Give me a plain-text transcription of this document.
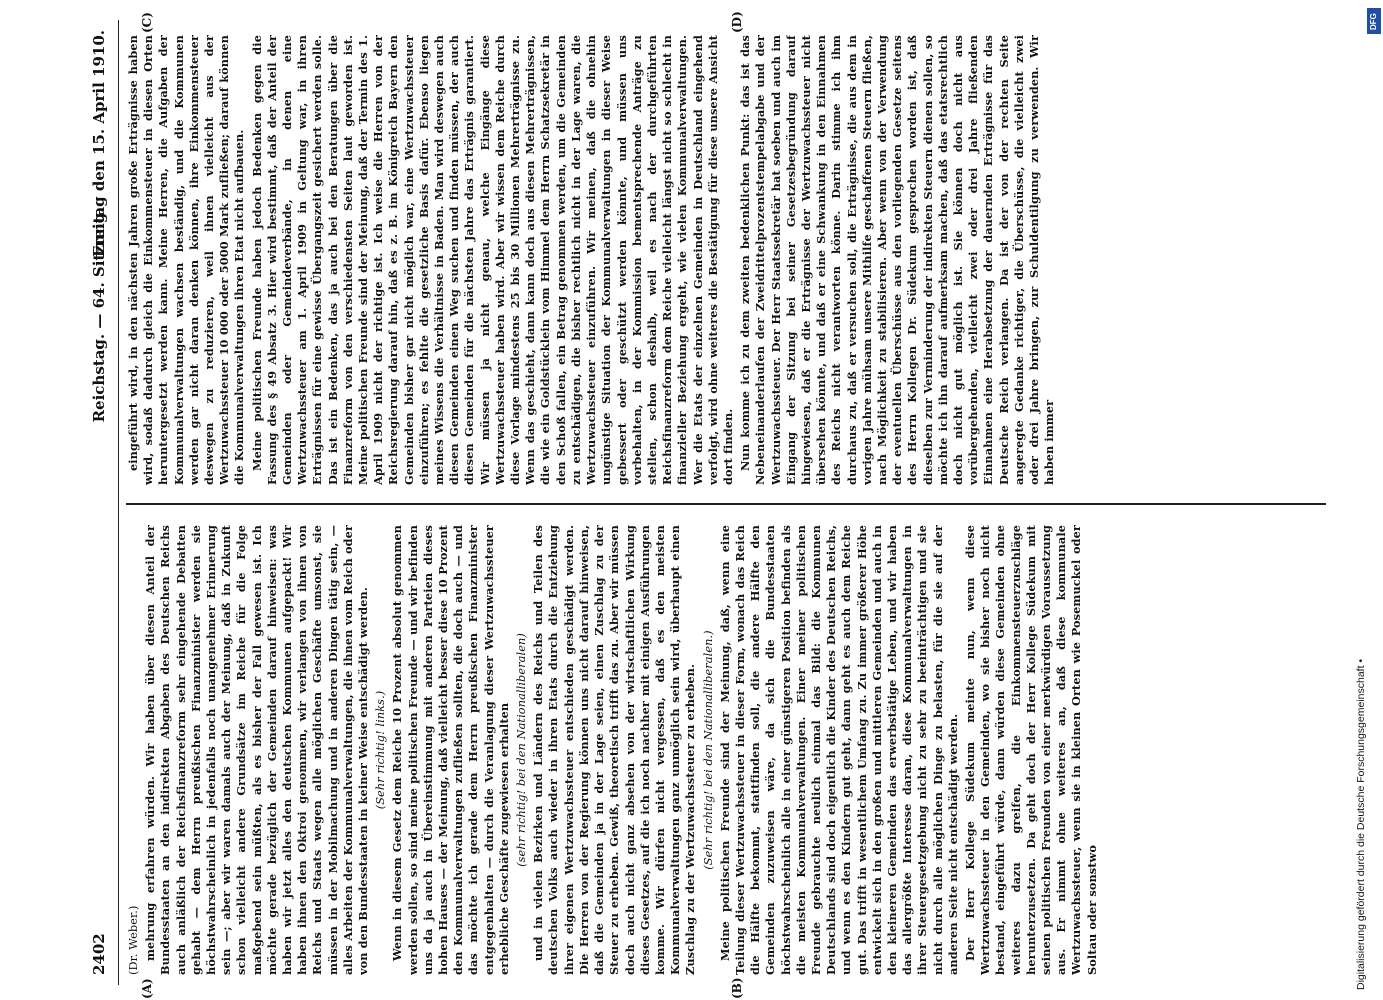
2402
Reichstag. — 64. Sitzung.
Freitag den 15. April 1910.

(Dr. Weber.) mehrung erfahren würden. Wir haben über diesen Anteil der Bundesstaaten an den indirekten Abgaben des Deutschen Reichs auch anläßlich der Reichsfinanzreform sehr eingehende Debatten gehabt — dem Herrn preußischen Finanzminister werden sie höchstwahrscheinlich in jedenfalls noch unangenehmer Erinnerung sein —; aber wir waren damals auch der Meinung, daß in Zukunft schon vielleicht andere Grundsätze im Reiche für die Folge maßgebend sein müßten, als es bisher der Fall gewesen ist. Ich möchte gerade bezüglich der Gemeinden darauf hinweisen: was haben wir jetzt alles den deutschen Kommunen aufgepackt! Wir haben ihnen den Oktroi genommen, wir verlangen von ihnen von Reichs und Staats wegen alle möglichen Geschäfte umsonst, sie müssen in der Mobilmachung und in anderen Dingen tätig sein, — alles Arbeiten der Kommunalverwaltungen, die ihnen vom Reich oder von den Bundesstaaten in keiner Weise entschädigt werden. (Sehr richtig! links.) Wenn in diesem Gesetz dem Reiche 10 Prozent absolut genommen werden sollen, so sind meine politischen Freunde — und wir befinden uns da ja auch in Übereinstimmung mit anderen Parteien dieses hohen Hauses — der Meinung, daß vielleicht besser diese 10 Prozent den Kommunalverwaltungen zufließen sollten, die doch auch — und das möchte ich gerade dem Herrn preußischen Finanzminister entgegenhalten — durch die Veranlagung dieser Wertzuwachssteuer erhebliche Geschäfte zugewiesen erhalten (sehr richtig! bei den Nationalliberalen) und in vielen Bezirken und Ländern des Reichs und Teilen des deutschen Volks auch wieder in ihren Etats durch die Entziehung ihrer eigenen Wertzuwachssteuer entschieden geschädigt werden. Die Herren von der Regierung können uns nicht darauf hinweisen, daß die Gemeinden ja in der Lage seien, einen Zuschlag zu der Steuer zu erheben. Gewiß, theoretisch trifft das zu. Aber wir müssen doch auch nicht ganz absehen von der wirtschaftlichen Wirkung dieses Gesetzes, auf die ich noch nachher mit einigen Ausführungen komme. Wir dürfen nicht vergessen, daß es den meisten Kommunalverwaltungen ganz unmöglich sein wird, überhaupt einen Zuschlag zu der Wertzuwachssteuer zu erheben. (Sehr richtig! bei den Nationalliberalen.) Meine politischen Freunde sind der Meinung, daß, wenn eine Teilung dieser Wertzuwachssteuer in dieser Form, wonach das Reich die Hälfte bekommt, stattfinden soll, die andere Hälfte den Gemeinden zuzuweisen wäre, da sich die Bundesstaaten höchstwahrscheinlich alle in einer günstigeren Position befinden als die meisten Kommunalverwaltungen. Einer meiner politischen Freunde gebrauchte neulich einmal das Bild: die Kommunen Deutschlands sind doch eigentlich die Kinder des Deutschen Reichs, und wenn es den Kindern gut geht, dann geht es auch dem Reiche gut. Das trifft in wesentlichem Umfang zu. Zu immer größerer Höhe entwickelt sich in den großen und mittleren Gemeinden und auch in den kleineren Gemeinden das erwerbstätige Leben, und wir haben das allergrößte Interesse daran, diese Kommunalverwaltungen in ihrer Steuergesetzgebung nicht zu sehr zu beeinträchtigen und sie nicht durch alle möglichen Dinge zu belasten, für die sie auf der anderen Seite nicht entschädigt werden. Der Herr Kollege Südekum meinte nun, wenn diese Wertzuwachssteuer in den Gemeinden, wo sie bisher noch nicht bestand, eingeführt würde, dann würden diese Gemeinden ohne weiteres dazu greifen, die Einkommensteuerzuschläge herunterzusetzen. Da geht doch der Herr Kollege Südekum mit seinen politischen Freunden von einer merkwürdigen Voraussetzung aus. Er nimmt ohne weiteres an, daß diese kommunale Wertzuwachssteuer, wenn sie in kleinen Orten wie Posemuckel oder Soltau oder sonstwo

eingeführt wird, in den nächsten Jahren große Erträgnisse haben wird, sodaß dadurch gleich die Einkommensteuer in diesen Orten heruntergesetzt werden kann. Meine Herren, die Aufgaben der Kommunalverwaltungen wachsen beständig, und die Kommunen werden gar nicht daran denken können, ihre Einkommensteuer deswegen zu reduzieren, weil ihnen vielleicht aus der Wertzuwachssteuer 10 000 oder 5000 Mark zufließen; darauf können die Kommunalverwaltungen ihren Etat nicht aufbauen. Meine politischen Freunde haben jedoch Bedenken gegen die Fassung des § 49 Absatz 3. Hier wird bestimmt, daß der Anteil der Gemeinden oder Gemeindeverbände, in denen eine Wertzuwachssteuer am 1. April 1909 in Geltung war, in ihren Erträgnissen für eine gewisse Übergangszeit gesichert werden solle. Das ist ein Bedenken, das ja auch bei den Beratungen über die Finanzreform von den verschiedensten Seiten laut geworden ist. Meine politischen Freunde sind der Meinung, daß der Termin des 1. April 1909 nicht der richtige ist. Ich weise die Herren von der Reichsregierung darauf hin, daß es z. B. im Königreich Bayern den Gemeinden bisher gar nicht möglich war, eine Wertzuwachssteuer einzuführen; es fehlte die gesetzliche Basis dafür. Ebenso liegen meines Wissens die Verhältnisse in Baden. Man wird deswegen auch diesen Gemeinden einen Weg suchen und finden müssen, der auch diesen Gemeinden für die nächsten Jahre das Erträgnis garantiert. Wir müssen ja nicht genau, welche Eingänge diese Wertzuwachssteuer haben wird. Aber wir wissen dem Reiche durch diese Vorlage mindestens 25 bis 30 Millionen Mehrerträgnisse zu. Wenn das geschieht, dann kann doch aus diesen Mehrerträgnissen, die wie ein Goldstücklein vom Himmel dem Herrn Schatzsekretär in den Schoß fallen, ein Betrag genommen werden, um die Gemeinden zu entschädigen, die bisher rechtlich nicht in der Lage waren, die Wertzuwachssteuer einzuführen. Wir meinen, daß die ohnehin ungünstige Situation der Kommunalverwaltungen in dieser Weise gebessert oder geschützt werden könnte, und müssen uns vorbehalten, in der Kommission bementsprechende Anträge zu stellen, schon deshalb, weil es nach der durchgeführten Reichsfinanzreform dem Reiche vielleicht längst nicht so schlecht in finanzieller Beziehung ergeht, wie vielen Kommunalverwaltungen. Wer die Etats der einzelnen Gemeinden in Deutschland eingehend verfolgt, wird ohne weiteres die Bestätigung für diese unsere Ansicht dort finden. Nun komme ich zu dem zweiten bedenklichen Punkt: das ist das Nebeneinanderlaufen der Zweidrittelprozentstempelabgabe und der Wertzuwachssteuer. Der Herr Staatssekretär hat soeben und auch im Eingang der Sitzung bei seiner Gesetzesbegründung darauf hingewiesen, daß er die Erträgnisse der Wertzuwachssteuer nicht übersehen könnte, und daß er eine Schwankung in den Einnahmen des Reichs nicht verantworten könne. Darin stimme ich ihm durchaus zu, daß er versuchen soll, die Erträgnisse, die aus dem in vorigen Jahre mühsam unsere Mithilfe geschaffenen Steuern fließen, nach Möglichkeit zu stabilisieren. Aber wenn von der Verwendung der eventuellen Überschüsse aus den vorliegenden Gesetze seitens des Herrn Kollegen Dr. Südekum gesprochen worden ist, daß dieselben zur Verminderung der indirekten Steuern dienen sollen, so möchte ich ihn darauf aufmerksam machen, daß das etatsrechtlich doch nicht gut möglich ist. Sie können doch nicht aus vorübergehenden, vielleicht zwei oder drei Jahre fließenden Einnahmen eine Herabsetzung der dauernden Erträgnisse für das Deutsche Reich verlangen. Da ist der von der rechten Seite angeregte Gedanke richtiger, die Überschüsse, die vielleicht zwei oder drei Jahre bringen, zur Schuldentilgung zu verwenden. Wir haben immer

(A)	(B)
(C)	(D)
Digitalisierung gefördert durch die Deutsche Forschungsgemeinschaft •
DFG
